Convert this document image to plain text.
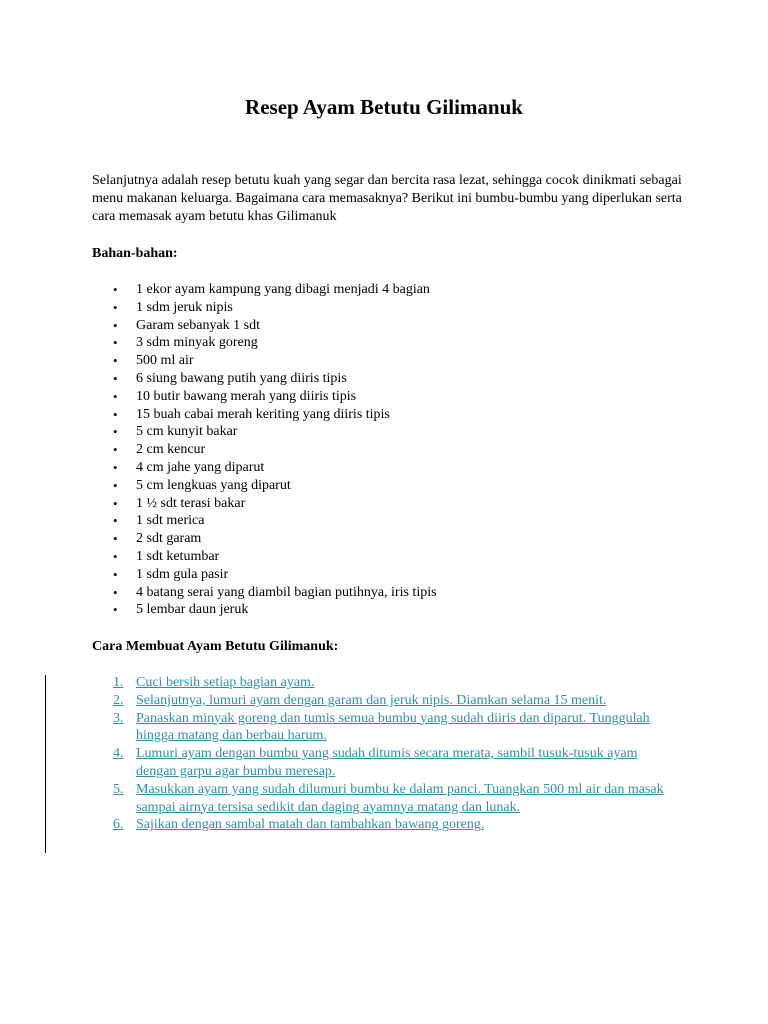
Resep Ayam Betutu Gilimanuk

Selanjutnya adalah resep betutu kuah yang segar dan bercita rasa lezat, sehingga cocok dinikmati sebagai menu makanan keluarga. Bagaimana cara memasaknya? Berikut ini bumbu-bumbu yang diperlukan serta cara memasak ayam betutu khas Gilimanuk

Bahan-bahan:

• 1 ekor ayam kampung yang dibagi menjadi 4 bagian
• 1 sdm jeruk nipis
• Garam sebanyak 1 sdt
• 3 sdm minyak goreng
• 500 ml air
• 6 siung bawang putih yang diiris tipis
• 10 butir bawang merah yang diiris tipis
• 15 buah cabai merah keriting yang diiris tipis
• 5 cm kunyit bakar
• 2 cm kencur
• 4 cm jahe yang diparut
• 5 cm lengkuas yang diparut
• 1 ½ sdt terasi bakar
• 1 sdt merica
• 2 sdt garam
• 1 sdt ketumbar
• 1 sdm gula pasir
• 4 batang serai yang diambil bagian putihnya, iris tipis
• 5 lembar daun jeruk

Cara Membuat Ayam Betutu Gilimanuk:

1. Cuci bersih setiap bagian ayam.
2. Selanjutnya, lumuri ayam dengan garam dan jeruk nipis. Diamkan selama 15 menit.
3. Panaskan minyak goreng dan tumis semua bumbu yang sudah diiris dan diparut. Tunggulah hingga matang dan berbau harum.
4. Lumuri ayam dengan bumbu yang sudah ditumis secara merata, sambil tusuk-tusuk ayam dengan garpu agar bumbu meresap.
5. Masukkan ayam yang sudah dilumuri bumbu ke dalam panci. Tuangkan 500 ml air dan masak sampai airnya tersisa sedikit dan daging ayamnya matang dan lunak.
6. Sajikan dengan sambal matah dan tambahkan bawang goreng.
